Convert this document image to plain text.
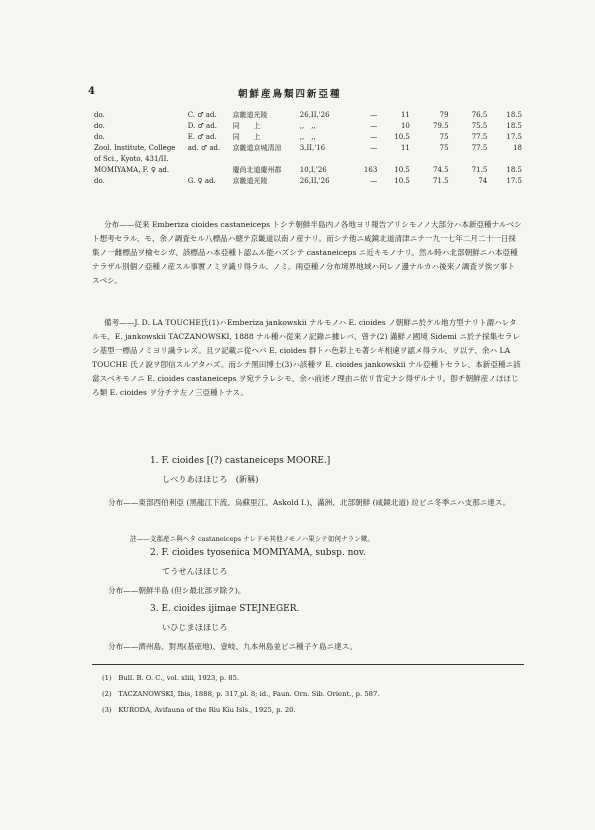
4	朝鮮産鳥類四新亞種
do.	C. ♂ ad.	京畿道光陵	26,II,'26	—	11	79	76.5	18.5
do.	D. ♂ ad.	同　　上	,,　,,	—	10	79.5	75.5	18.5
do.	E. ♂ ad.	同　　上	,,　,,	—	10.5	75	77.5	17.5
Zool. Institute, College of Sci., Kyoto, 431/II.	ad. ♂ ad.	京畿道京城清涼	3,II,'16	—	11	75	77.5	18
MOMIYAMA, F. ♀ ad.		慶尚北道慶州郡	10,I,'26	163	10.5	74.5	71.5	18.5
do.	G. ♀ ad.	京畿道光陵	26,II,'26	—	10.5	71.5	74	17.5

分布——従來 Emberiza cioides castaneiceps トシテ朝鮮半島内ノ各地ヨリ報告アリシモノノ大部分ハ本新亞種ナルベシト想考セラル、モ、余ノ調査セル八標品ハ總テ京畿道以南ノ産ナリ。而シテ他ニ咸鏡北道清津ニテ一九一七年二月二十一日採集ノ一雌標品ヲ檢セシガ、該標品ハ本亞種ト認ムル能ハズシテ castaneiceps ニ近キモノナリ。然ル時ハ北部朝鮮ニハ本亞種ナラザル別個ノ亞種ノ産スル事實ノミヲ識リ得ラル、ノミ。兩亞種ノ分布境界地域ハ何レノ邊ナルカハ後來ノ調査ヲ俟ツ事トスベシ。

備考——J. D. LA TOUCHE氏(1)ハEmberiza jankowskii ナルモノハ E. cioides ノ朝鮮ニ於ケル地方型ナリト謂ハレタルモ、E. jankowskii TACZANOWSKI, 1888 ナル種ハ從來ノ記錄ニ據レバ、曾テ(2) 滿鮮ノ國境 Sidemi ニ於テ採集セラレシ基型一標品ノミヨリ識ラレズ。且ツ記載ニ從ヘバ E. cioides 群トハ色彩上モ著シキ相違ヲ認メ得ラル、ヲ以テ、余ハ LA TOUCHE 氏ノ說ヲ卽信スルアタハズ。而シテ黑田博士(3)ハ該種ヲ E. cioides jankowskii ナル亞種トセラレ、本新亞種ニ該當スベキモノニ E. cioides castaneiceps ヲ宛テラレシモ、余ハ前述ノ理由ニ依リ肯定ナシ得ザルナリ。卽チ朝鮮産ノほほじろ類 E. cioides ヲ分チテ左ノ三亞種トナス。

1. F. cioides [(?) castaneiceps MOORE.]
しべりあほほじろ　(新稱)

分布——東部西伯利亞 (黑龍江下流、烏蘇里江、Askold I.)、滿洲、北部朝鮮 (咸鏡北道) 竝ビニ冬季ニハ支那ニ達ス。

註——支那産ニ與ヘタ castaneiceps ナレドモ其他ノモノハ果シテ如何ナラン歟。
2. F. cioides tyosenica MOMIYAMA, subsp. nov.
てうせんほほじろ

分布——朝鮮半島 (但シ最北部ヲ除ク)。

3. E. cioides ijimae STEJNEGER.
いひじまほほじろ

分布——濟州島、對馬(基産地)、壹岐、九本州島並ビニ種子ケ島ニ達ス。

(1)　Bull. B. O. C., vol. xliii, 1923, p. 85.
(2)　TACZANOWSKI, Ibis, 1888, p. 317,pl. 8; id., Faun. Orn. Sib. Orient., p. 587.
(3)　KURODA, Avifauna of the Riu Kiu Isls., 1925, p. 20.
